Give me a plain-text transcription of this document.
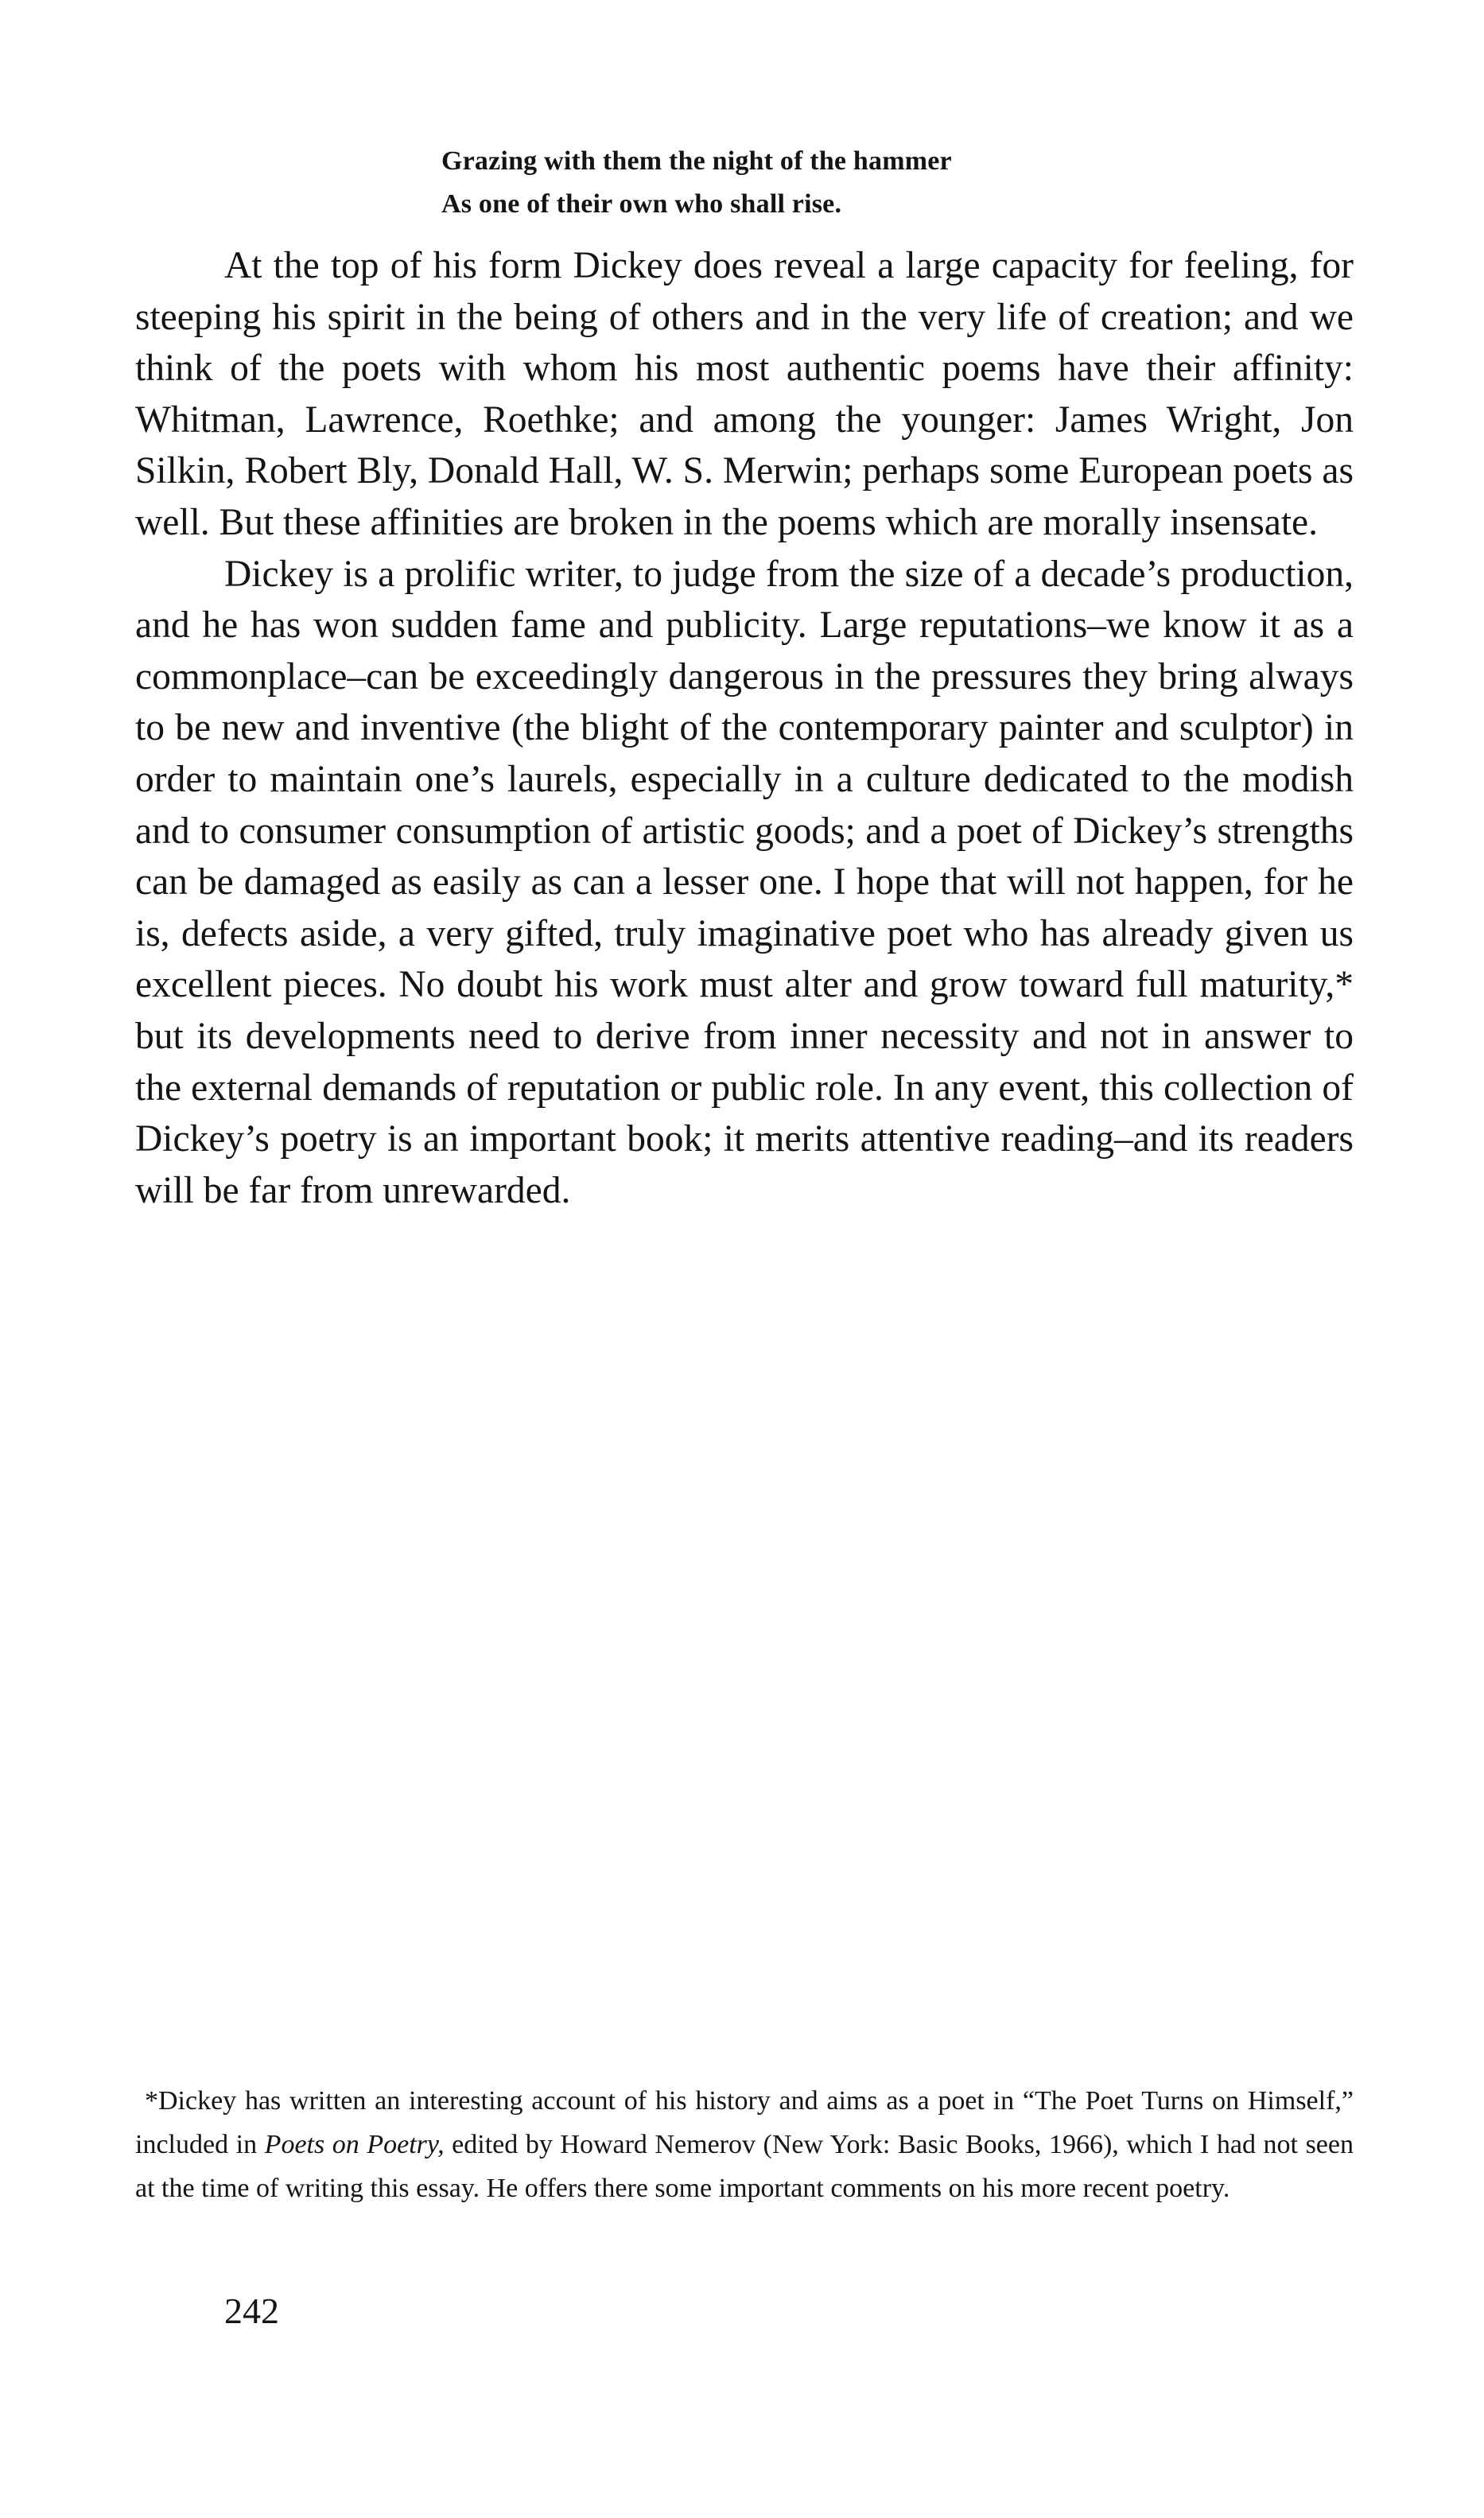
Grazing with them the night of the hammer
As one of their own who shall rise.

At the top of his form Dickey does reveal a large capacity for feeling, for steeping his spirit in the being of others and in the very life of creation; and we think of the poets with whom his most authentic poems have their affinity: Whitman, Lawrence, Roethke; and among the younger: James Wright, Jon Silkin, Robert Bly, Donald Hall, W. S. Merwin; perhaps some European poets as well. But these affinities are broken in the poems which are morally insensate.

Dickey is a prolific writer, to judge from the size of a decade’s production, and he has won sudden fame and publicity. Large reputations–we know it as a commonplace–can be exceedingly dangerous in the pressures they bring always to be new and inventive (the blight of the contemporary painter and sculptor) in order to maintain one’s laurels, especially in a culture dedicated to the modish and to consumer consumption of artistic goods; and a poet of Dickey’s strengths can be damaged as easily as can a lesser one. I hope that will not happen, for he is, defects aside, a very gifted, truly imaginative poet who has already given us excellent pieces. No doubt his work must alter and grow toward full maturity,* but its developments need to derive from inner necessity and not in answer to the external demands of reputation or public role. In any event, this collection of Dickey’s poetry is an important book; it merits attentive reading–and its readers will be far from unrewarded.

*Dickey has written an interesting account of his history and aims as a poet in “The Poet Turns on Himself,” included in Poets on Poetry, edited by Howard Nemerov (New York: Basic Books, 1966), which I had not seen at the time of writing this essay. He offers there some important comments on his more recent poetry.

242
